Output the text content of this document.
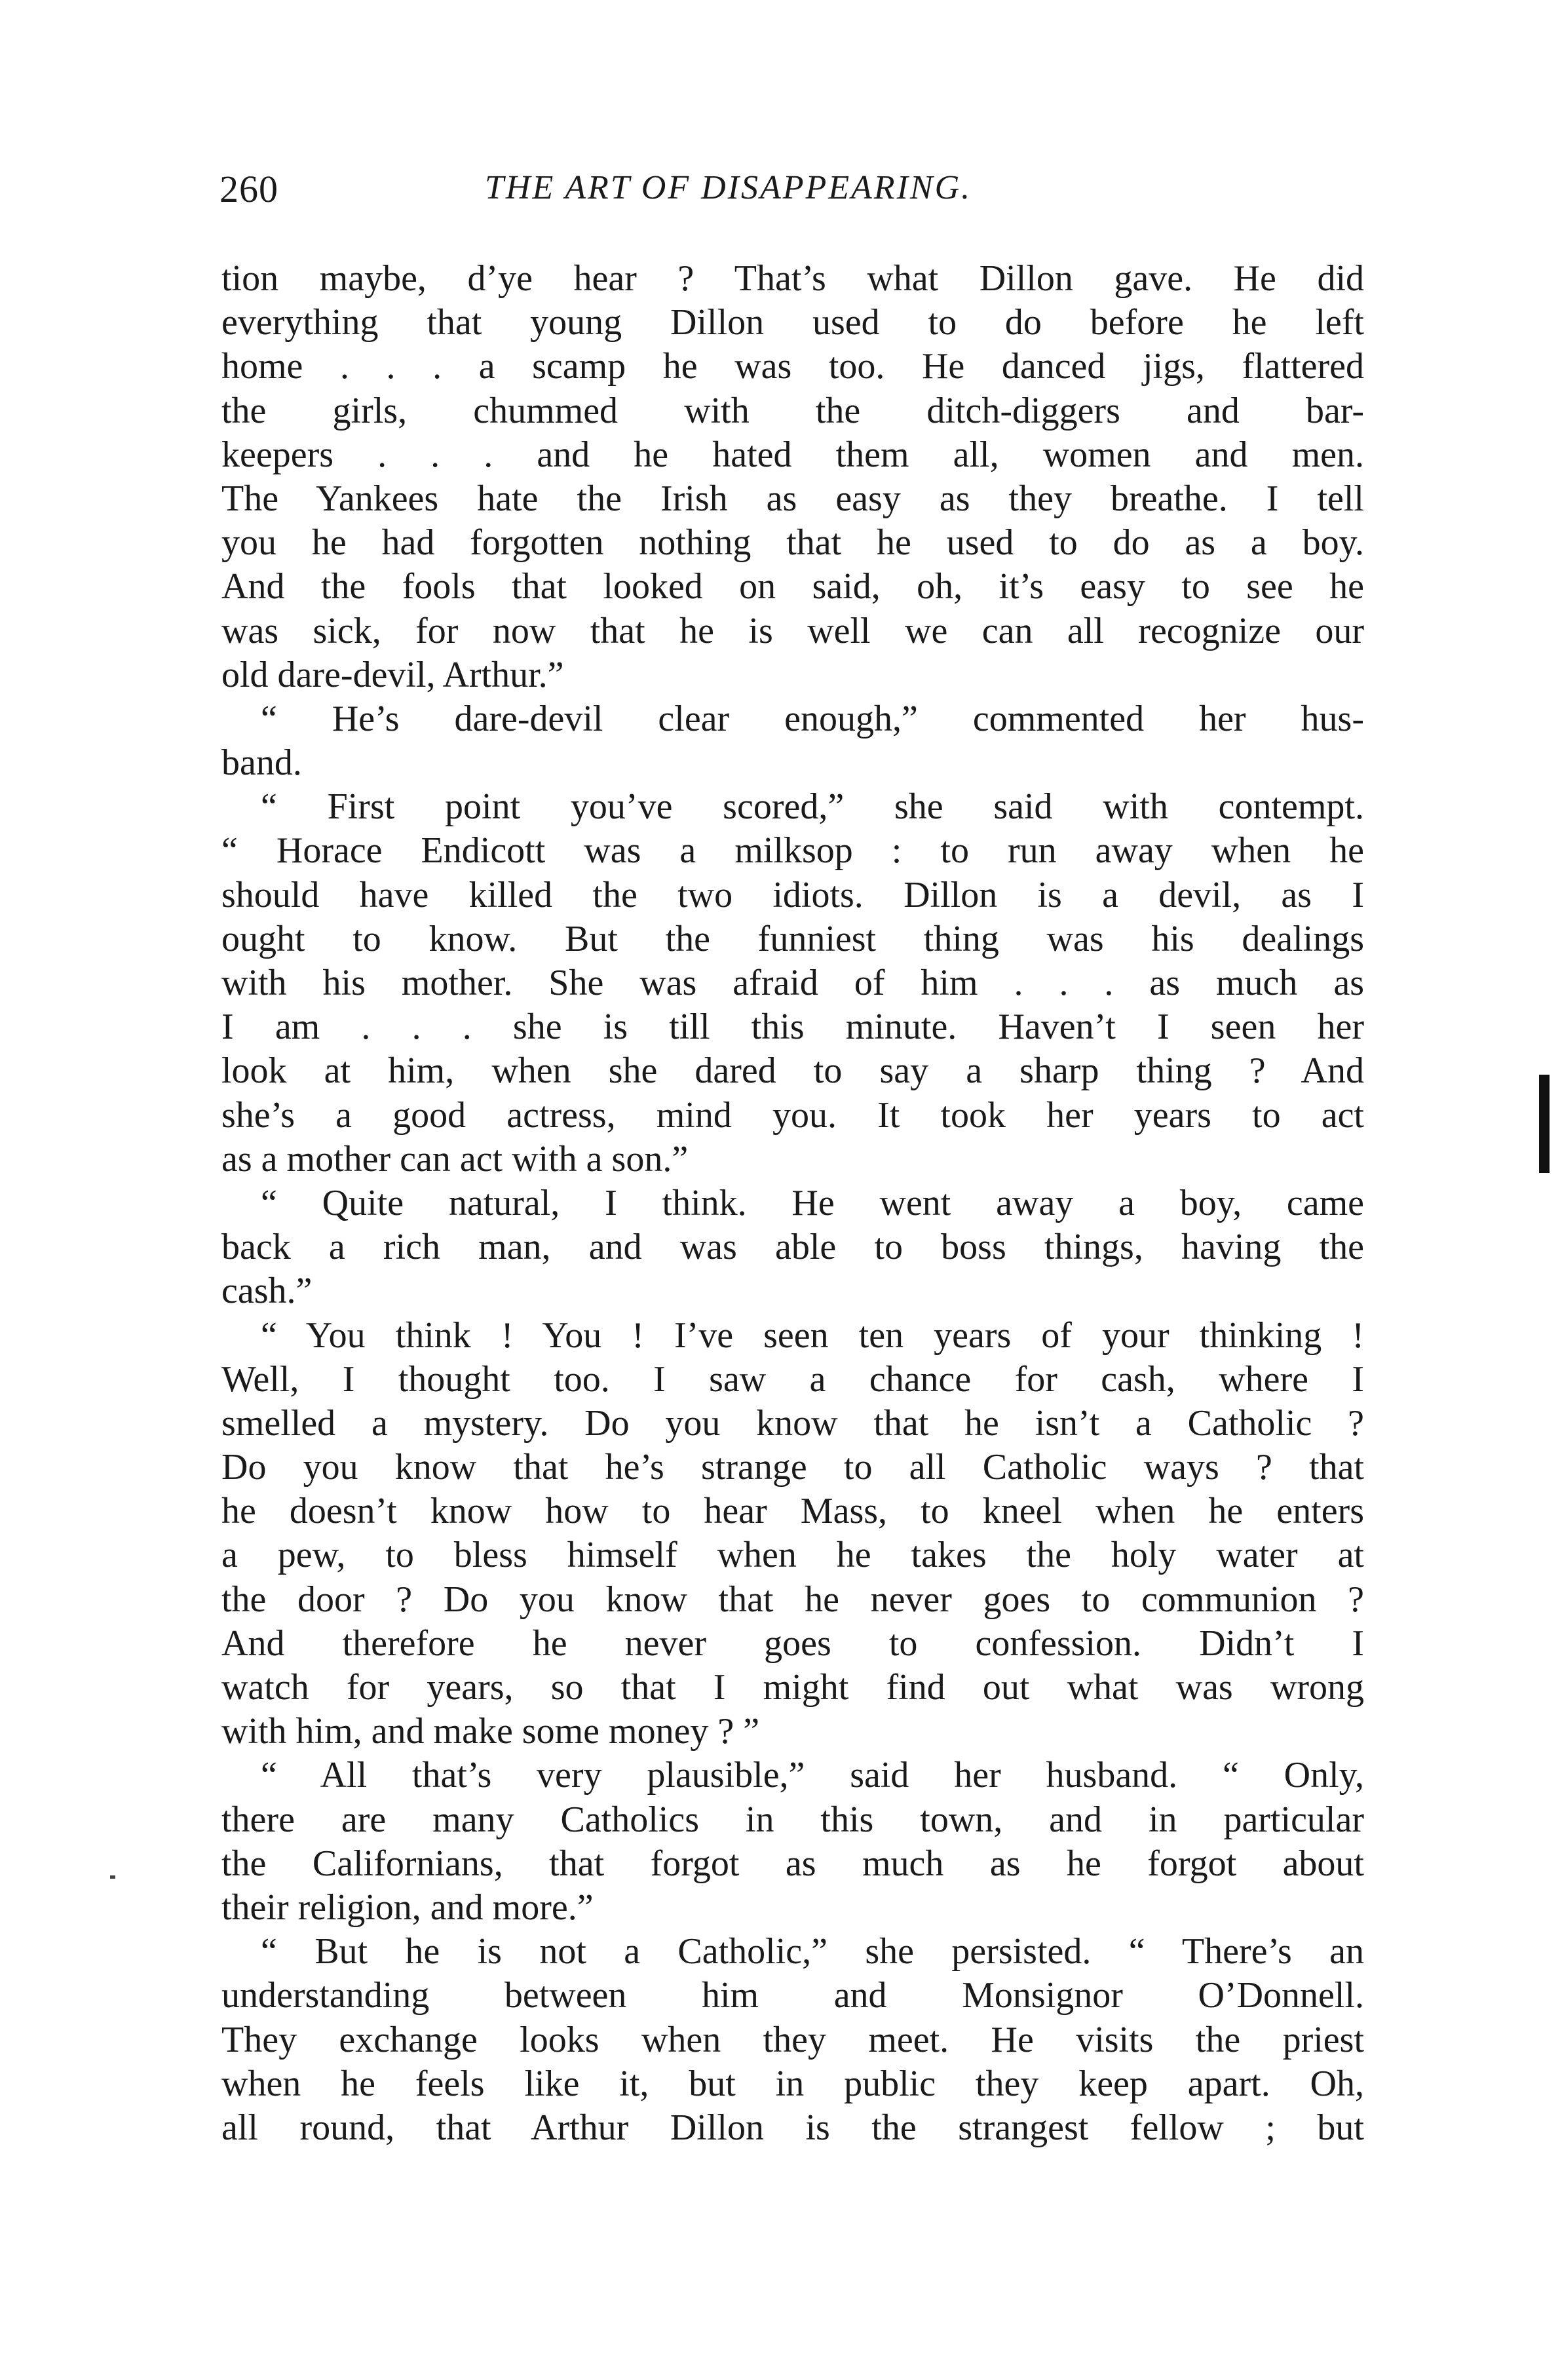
260	THE ART OF DISAPPEARING.
tion maybe, d’ye hear ? That’s what Dillon gave. He did
everything that young Dillon used to do before he left
home . . . a scamp he was too. He danced jigs, flattered
the girls, chummed with the ditch-diggers and bar-
keepers . . . and he hated them all, women and men.
The Yankees hate the Irish as easy as they breathe. I tell
you he had forgotten nothing that he used to do as a boy.
And the fools that looked on said, oh, it’s easy to see he
was sick, for now that he is well we can all recognize our
old dare-devil, Arthur.”
“ He’s dare-devil clear enough,” commented her hus-
band.
“ First point you’ve scored,” she said with contempt.
“ Horace Endicott was a milksop : to run away when he
should have killed the two idiots. Dillon is a devil, as I
ought to know. But the funniest thing was his dealings
with his mother. She was afraid of him . . . as much as
I am . . . she is till this minute. Haven’t I seen her
look at him, when she dared to say a sharp thing ? And
she’s a good actress, mind you. It took her years to act
as a mother can act with a son.”
“ Quite natural, I think. He went away a boy, came
back a rich man, and was able to boss things, having the
cash.”
“ You think ! You ! I’ve seen ten years of your thinking !
Well, I thought too. I saw a chance for cash, where I
smelled a mystery. Do you know that he isn’t a Catholic ?
Do you know that he’s strange to all Catholic ways ? that
he doesn’t know how to hear Mass, to kneel when he enters
a pew, to bless himself when he takes the holy water at
the door ? Do you know that he never goes to communion ?
And therefore he never goes to confession. Didn’t I
watch for years, so that I might find out what was wrong
with him, and make some money ? ”
“ All that’s very plausible,” said her husband. “ Only,
there are many Catholics in this town, and in particular
the Californians, that forgot as much as he forgot about
their religion, and more.”
“ But he is not a Catholic,” she persisted. “ There’s an
understanding between him and Monsignor O’Donnell.
They exchange looks when they meet. He visits the priest
when he feels like it, but in public they keep apart. Oh,
all round, that Arthur Dillon is the strangest fellow ; but
